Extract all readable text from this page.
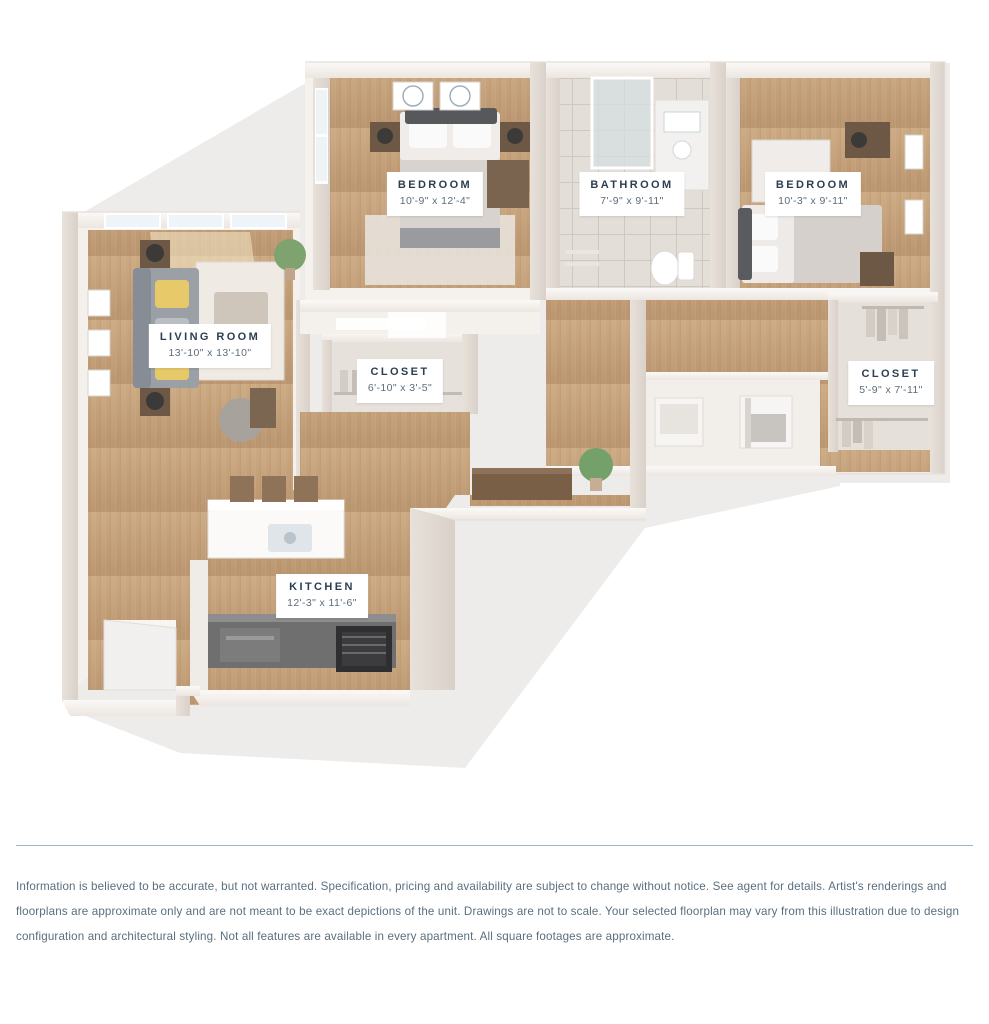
BEDROOM
10'-9" x 12'-4"
BATHROOM
7'-9" x 9'-11"
BEDROOM
10'-3" x 9'-11"
LIVING ROOM
13'-10" x 13'-10"
CLOSET
6'-10" x 3'-5"
CLOSET
5'-9" x 7'-11"
KITCHEN
12'-3" x 11'-6"
Information is believed to be accurate, but not warranted. Specification, pricing and availability are subject to change without notice. See agent for details. Artist's renderings and floorplans are approximate only and are not meant to be exact depictions of the unit. Drawings are not to scale. Your selected floorplan may vary from this illustration due to design configuration and architectural styling. Not all features are available in every apartment. All square footages are approximate.
